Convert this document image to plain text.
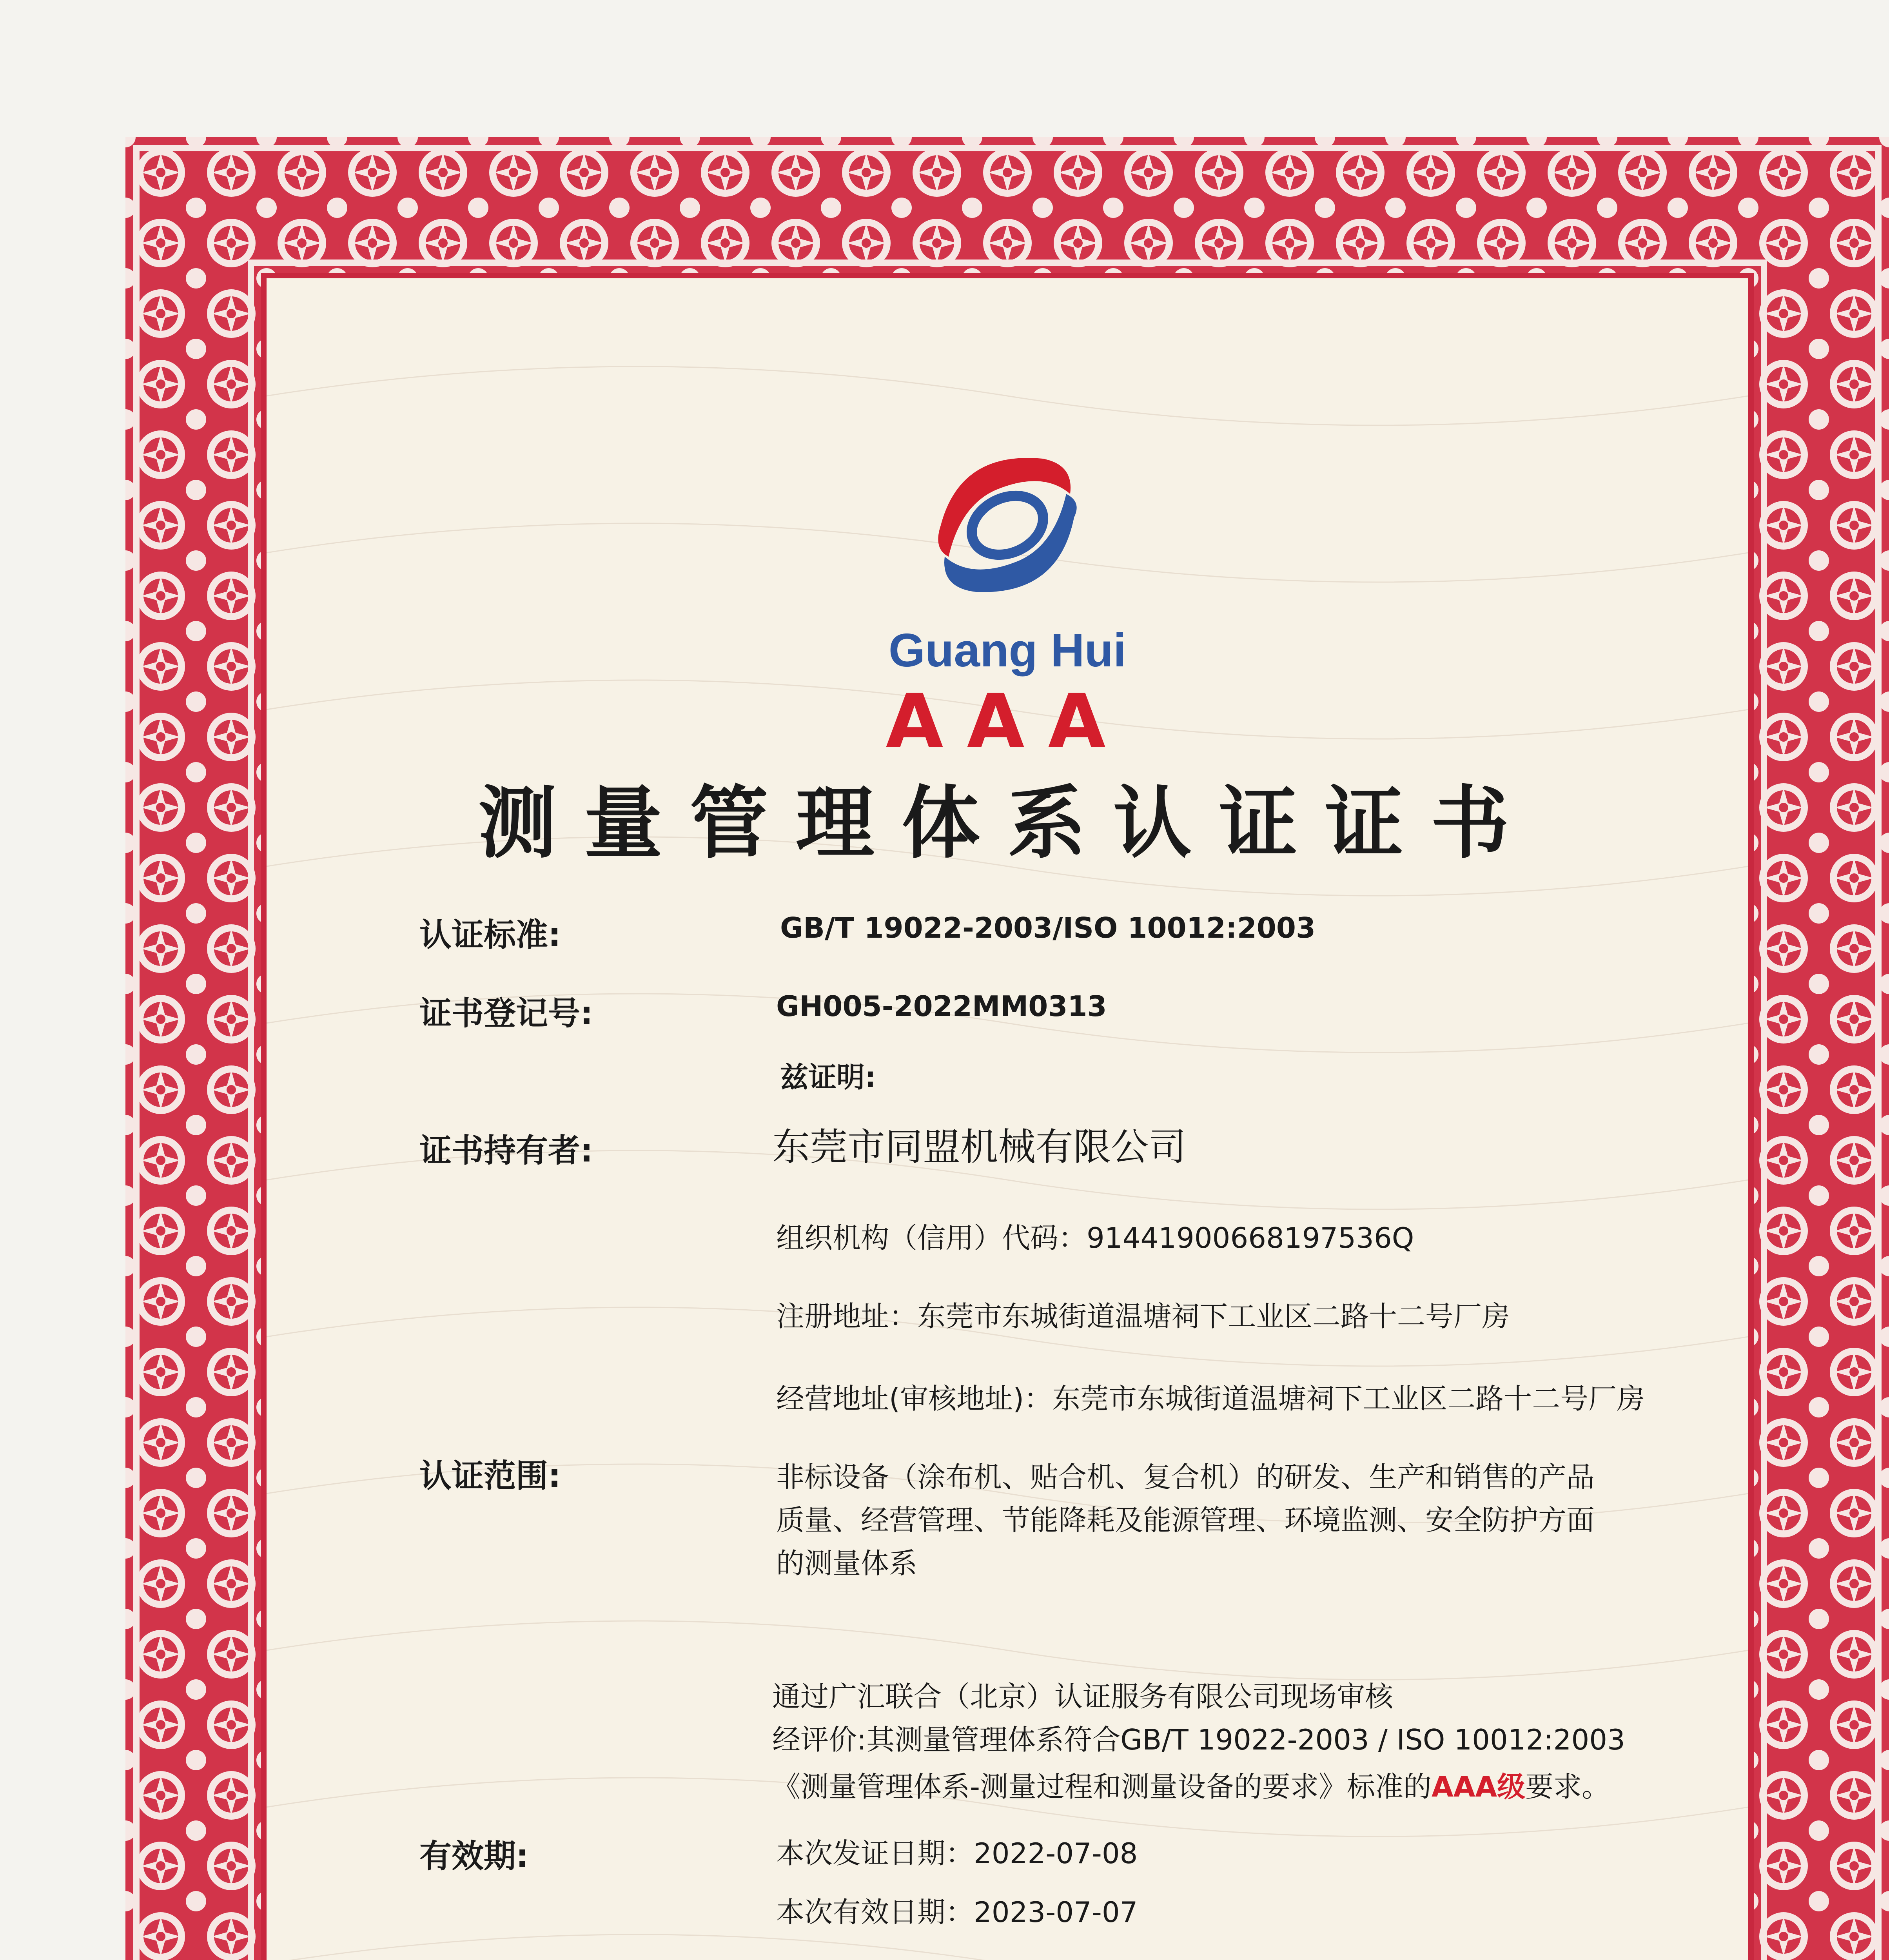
Guang Hui
AAA
测量管理体系认证证书
认证标准:	GB/T 19022-2003/ISO 10012:2003
证书登记号:	GH005-2022MM0313
兹证明:
证书持有者:	东莞市同盟机械有限公司
组织机构（信用）代码：91441900668197536Q
注册地址：东莞市东城街道温塘祠下工业区二路十二号厂房
经营地址(审核地址)：东莞市东城街道温塘祠下工业区二路十二号厂房
认证范围:	非标设备（涂布机、贴合机、复合机）的研发、生产和销售的产品
质量、经营管理、节能降耗及能源管理、环境监测、安全防护方面
的测量体系
通过广汇联合（北京）认证服务有限公司现场审核
经评价:其测量管理体系符合GB/T 19022-2003 / ISO 10012:2003
《测量管理体系-测量过程和测量设备的要求》标准的AAA级要求。
有效期:	本次发证日期：2022-07-08
本次有效日期：2023-07-07
